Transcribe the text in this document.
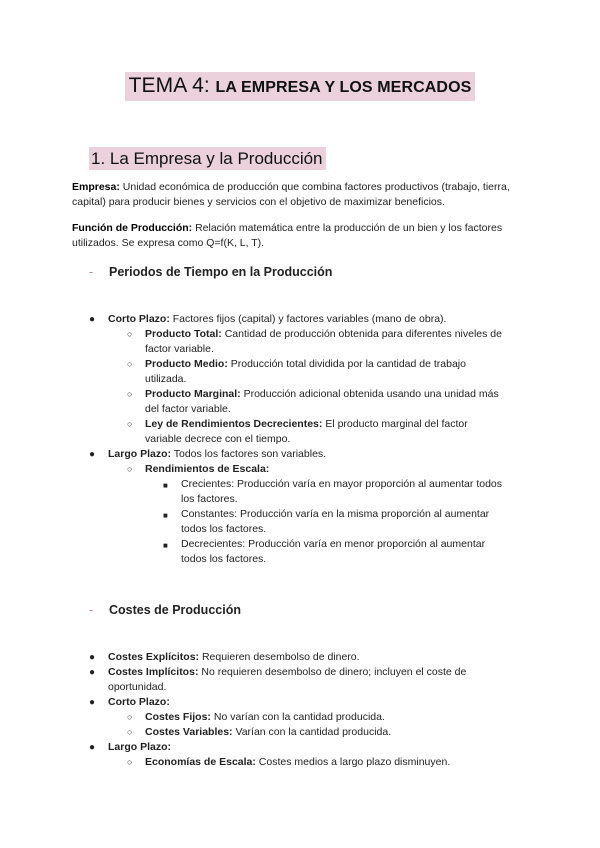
TEMA 4: LA EMPRESA Y LOS MERCADOS
1. La Empresa y la Producción
Empresa: Unidad económica de producción que combina factores productivos (trabajo, tierra, capital) para producir bienes y servicios con el objetivo de maximizar beneficios.
Función de Producción: Relación matemática entre la producción de un bien y los factores utilizados. Se expresa como Q=f(K, L, T).
- Periodos de Tiempo en la Producción
● Corto Plazo: Factores fijos (capital) y factores variables (mano de obra).
○ Producto Total: Cantidad de producción obtenida para diferentes niveles de factor variable.
○ Producto Medio: Producción total dividida por la cantidad de trabajo utilizada.
○ Producto Marginal: Producción adicional obtenida usando una unidad más del factor variable.
○ Ley de Rendimientos Decrecientes: El producto marginal del factor variable decrece con el tiempo.
● Largo Plazo: Todos los factores son variables.
○ Rendimientos de Escala:
■ Crecientes: Producción varía en mayor proporción al aumentar todos los factores.
■ Constantes: Producción varía en la misma proporción al aumentar todos los factores.
■ Decrecientes: Producción varía en menor proporción al aumentar todos los factores.
- Costes de Producción
● Costes Explícitos: Requieren desembolso de dinero.
● Costes Implícitos: No requieren desembolso de dinero; incluyen el coste de oportunidad.
● Corto Plazo:
○ Costes Fijos: No varían con la cantidad producida.
○ Costes Variables: Varían con la cantidad producida.
● Largo Plazo:
○ Economías de Escala: Costes medios a largo plazo disminuyen.
